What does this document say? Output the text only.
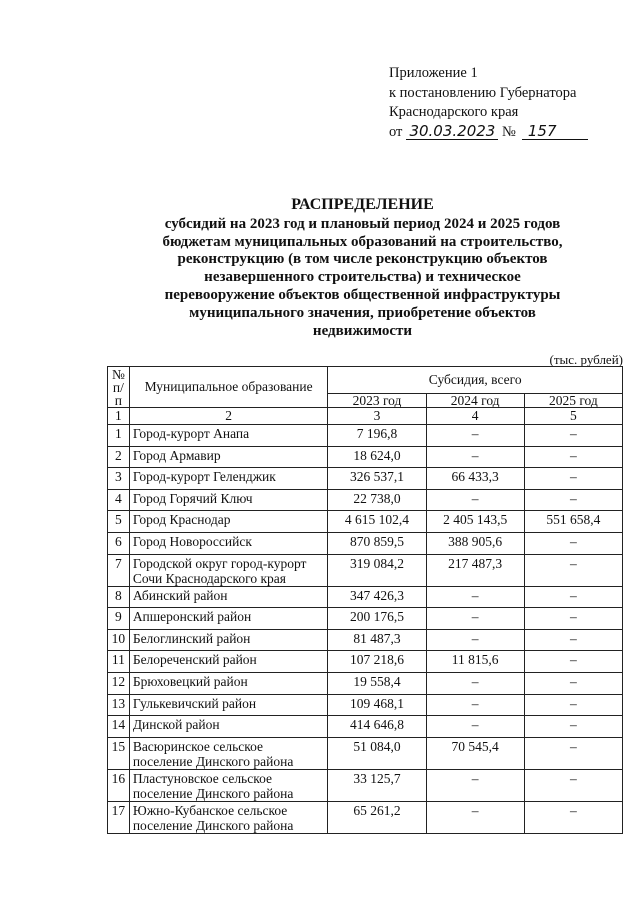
Приложение 1
к постановлению Губернатора
Краснодарского края
от 30.03.2023 № 157
РАСПРЕДЕЛЕНИЕ
субсидий на 2023 год и плановый период 2024 и 2025 годов
бюджетам муниципальных образований на строительство,
реконструкцию (в том числе реконструкцию объектов
незавершенного строительства) и техническое
перевооружение объектов общественной инфраструктуры
муниципального значения, приобретение объектов
недвижимости
(тыс. рублей)
№ п/п	Муниципальное образование	Субсидия, всего		
		2023 год	2024 год	2025 год
1	2	3	4	5
1	Город-курорт Анапа	7 196,8	–	–
2	Город Армавир	18 624,0	–	–
3	Город-курорт Геленджик	326 537,1	66 433,3	–
4	Город Горячий Ключ	22 738,0	–	–
5	Город Краснодар	4 615 102,4	2 405 143,5	551 658,4
6	Город Новороссийск	870 859,5	388 905,6	–
7	Городской округ город-курорт Сочи Краснодарского края	319 084,2	217 487,3	–
8	Абинский район	347 426,3	–	–
9	Апшеронский район	200 176,5	–	–
10	Белоглинский район	81 487,3	–	–
11	Белореченский район	107 218,6	11 815,6	–
12	Брюховецкий район	19 558,4	–	–
13	Гулькевичский район	109 468,1	–	–
14	Динской район	414 646,8	–	–
15	Васюринское сельское поселение Динского района	51 084,0	70 545,4	–
16	Пластуновское сельское поселение Динского района	33 125,7	–	–
17	Южно-Кубанское сельское поселение Динского района	65 261,2	–	–
